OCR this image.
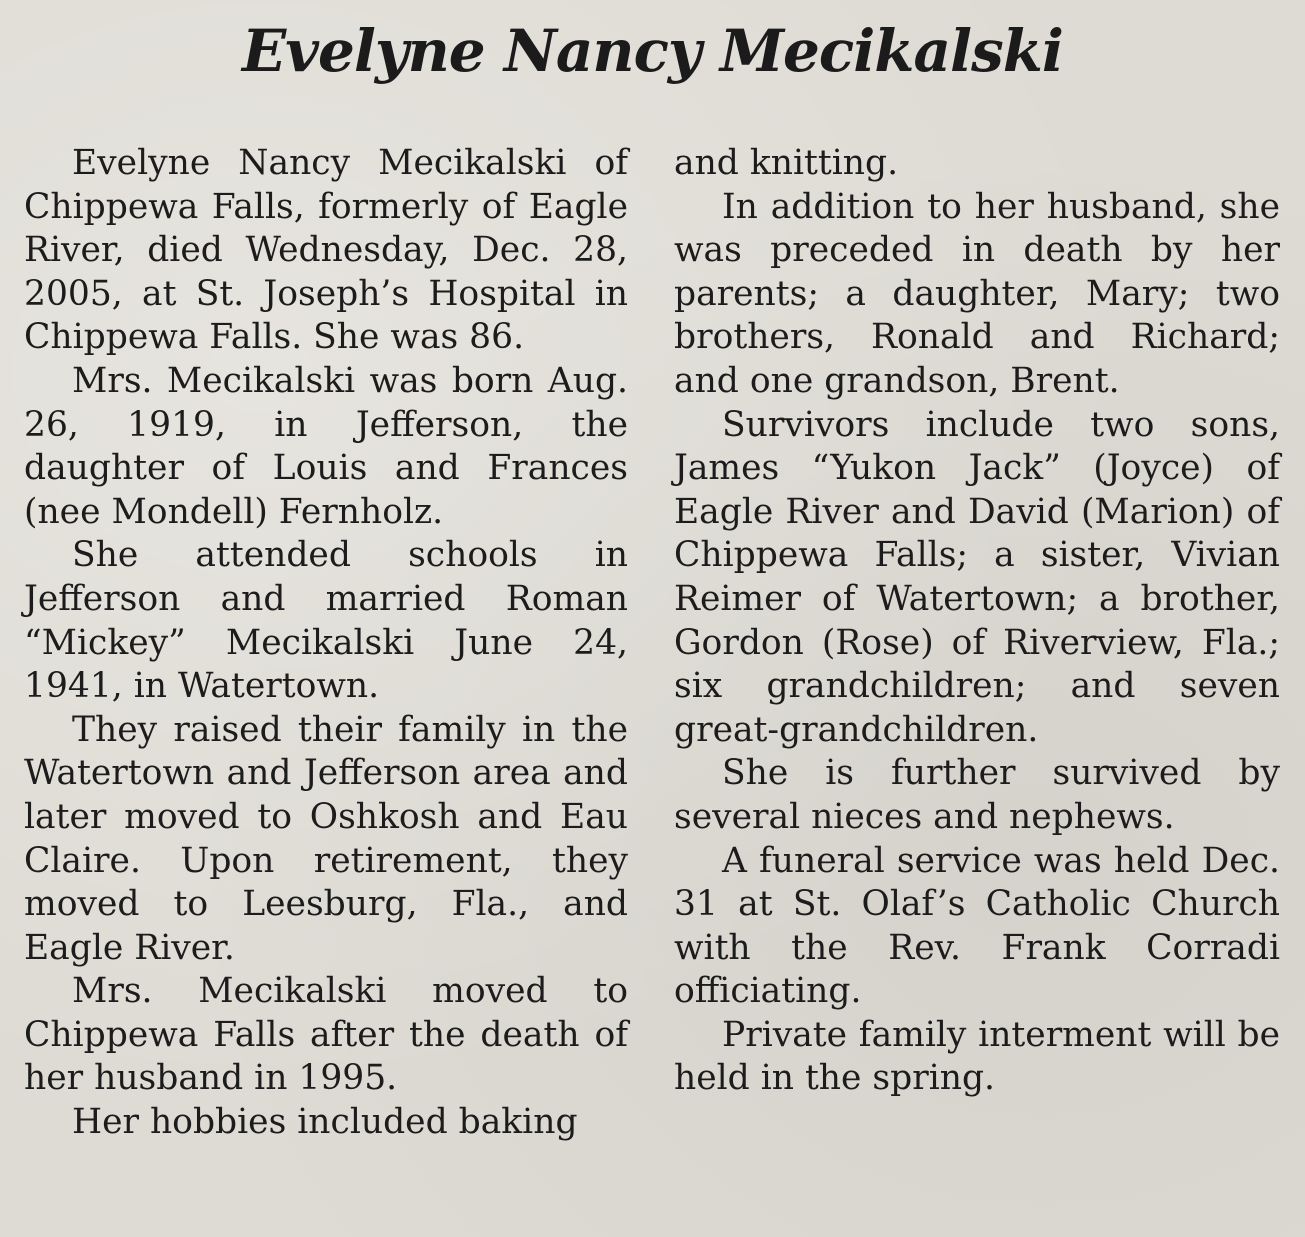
Evelyne Nancy Mecikalski

Evelyne Nancy Mecikalski of Chippewa Falls, formerly of Eagle River, died Wednesday, Dec. 28, 2005, at St. Joseph’s Hospital in Chippewa Falls. She was 86.

Mrs. Mecikalski was born Aug. 26, 1919, in Jefferson, the daughter of Louis and Frances (nee Mondell) Fernholz.

She attended schools in Jefferson and married Roman “Mickey” Mecikalski June 24, 1941, in Watertown.

They raised their family in the Watertown and Jefferson area and later moved to Oshkosh and Eau Claire. Upon retirement, they moved to Leesburg, Fla., and Eagle River.

Mrs. Mecikalski moved to Chippewa Falls after the death of her husband in 1995.

Her hobbies included baking

and knitting.

In addition to her husband, she was preceded in death by her parents; a daughter, Mary; two brothers, Ronald and Richard; and one grandson, Brent.

Survivors include two sons, James “Yukon Jack” (Joyce) of Eagle River and David (Marion) of Chippewa Falls; a sister, Vivian Reimer of Watertown; a brother, Gordon (Rose) of Riverview, Fla.; six grandchildren; and seven great-grandchildren.

She is further survived by several nieces and nephews.

A funeral service was held Dec. 31 at St. Olaf’s Catholic Church with the Rev. Frank Corradi officiating.

Private family interment will be held in the spring.
